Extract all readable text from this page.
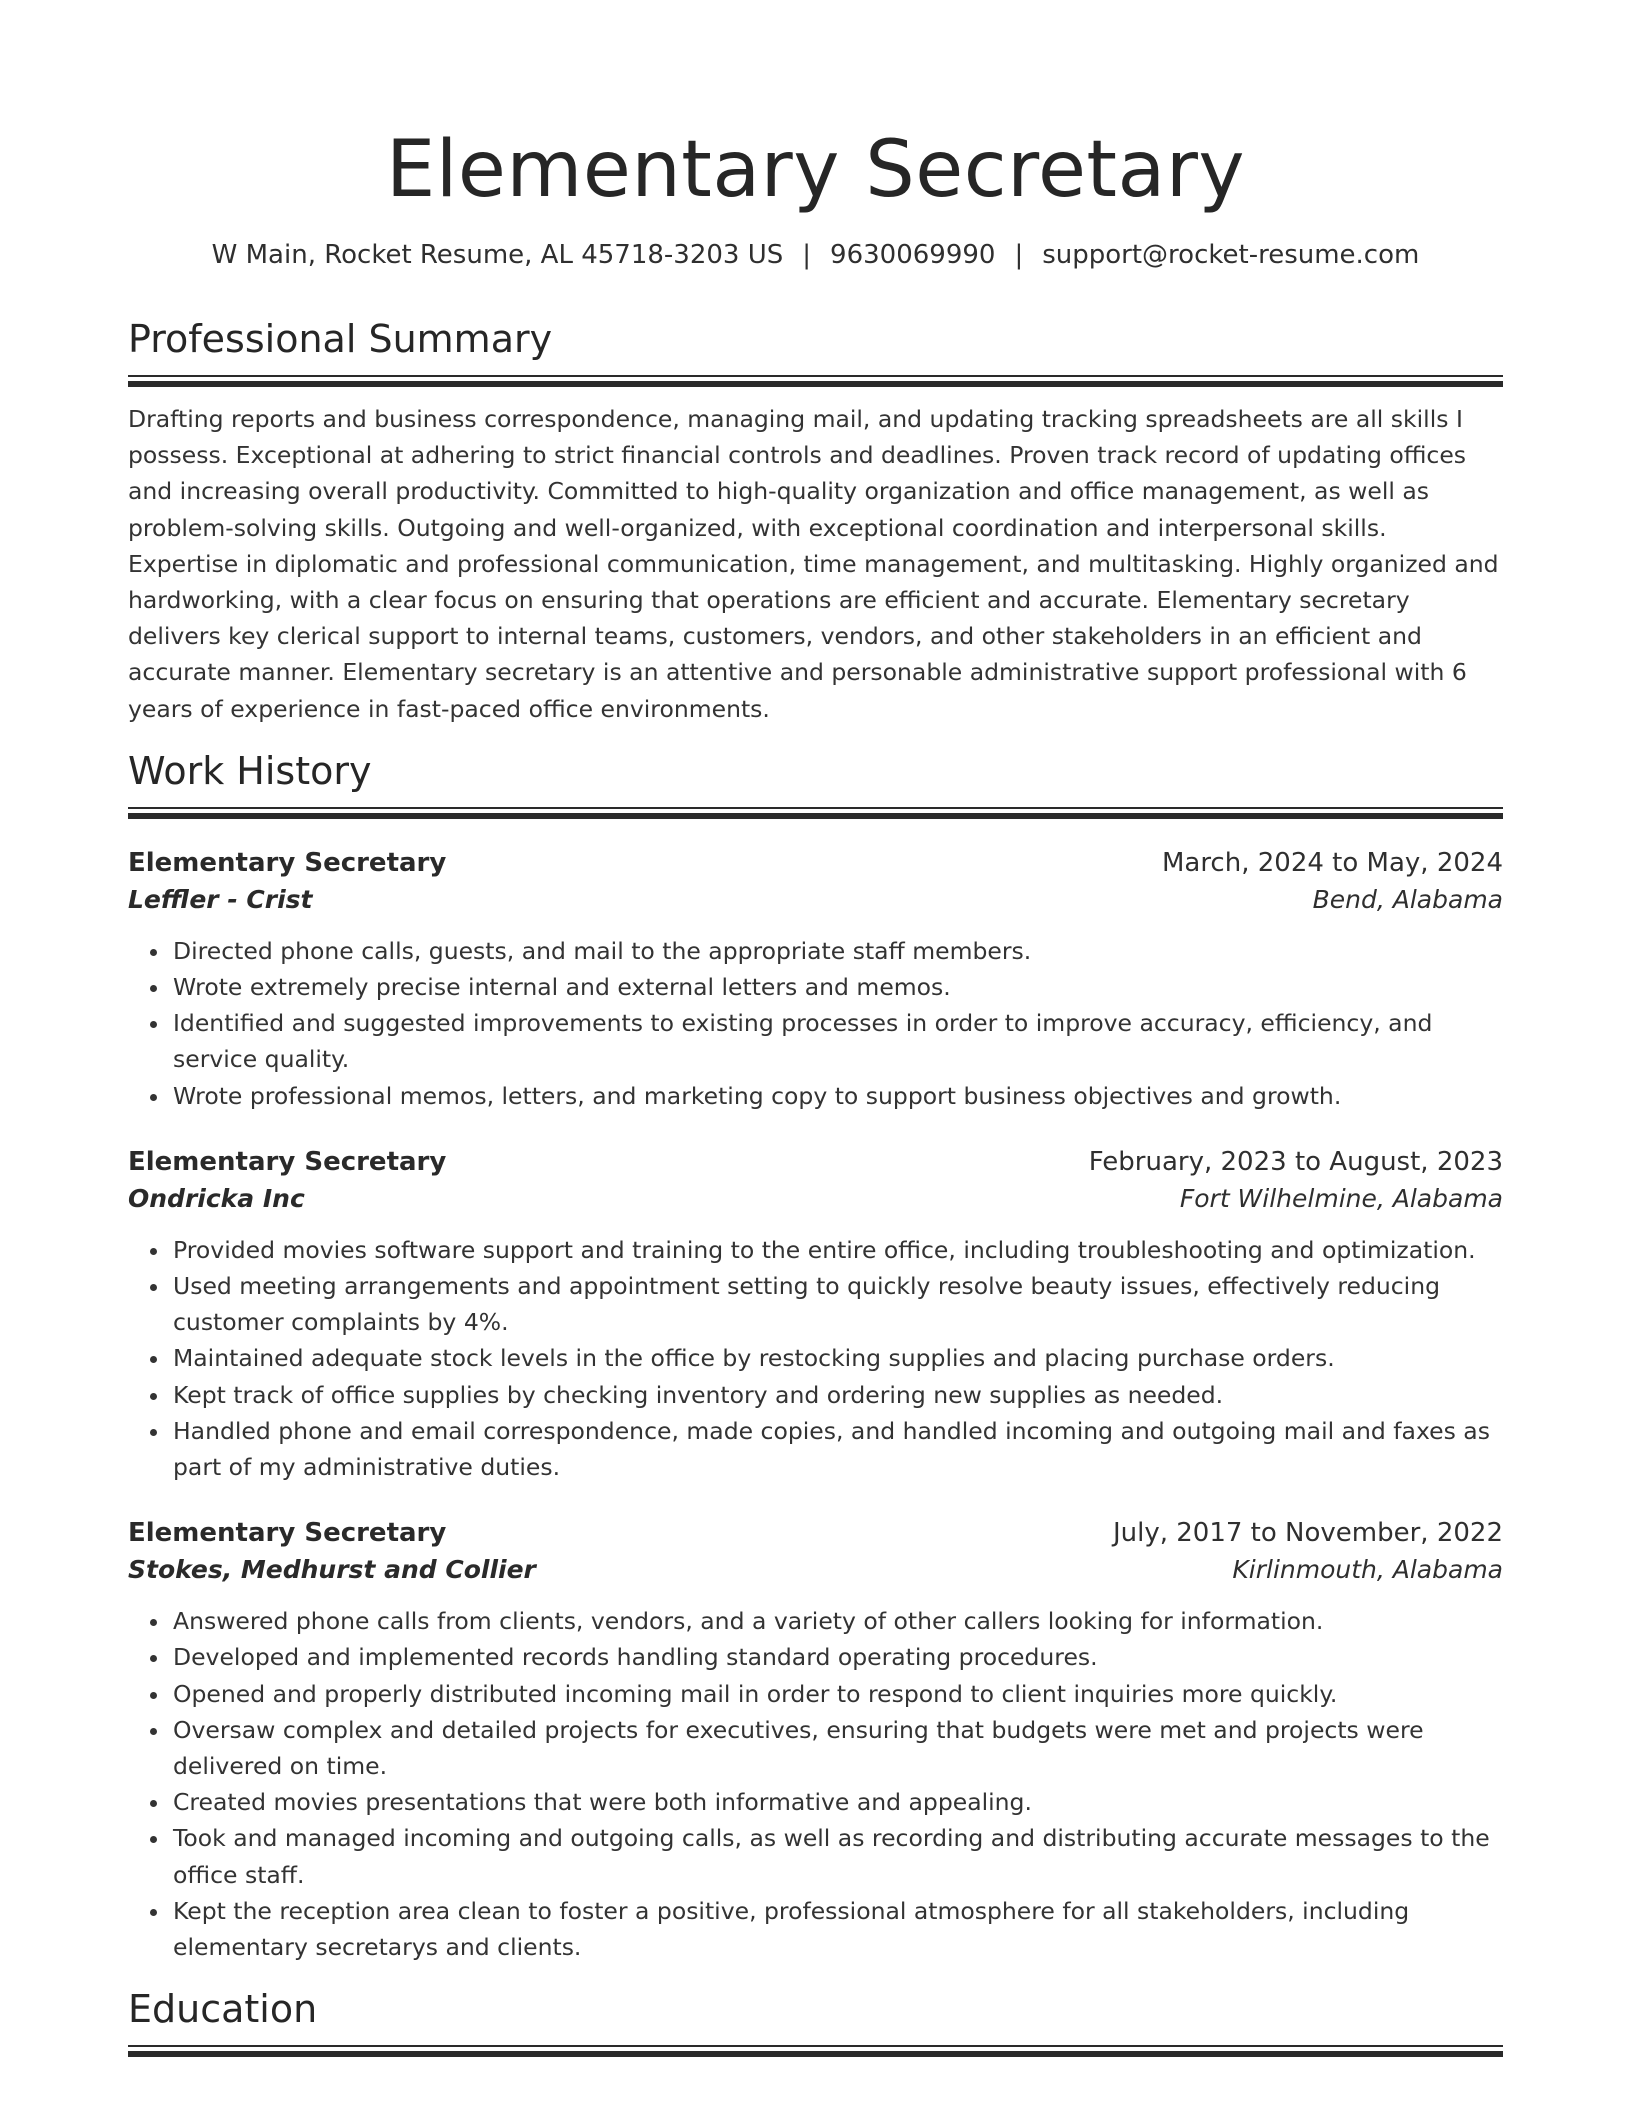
Elementary Secretary
W Main, Rocket Resume, AL 45718-3203 US | 9630069990 | support@rocket-resume.com
Professional Summary
Drafting reports and business correspondence, managing mail, and updating tracking spreadsheets are all skills I possess. Exceptional at adhering to strict financial controls and deadlines. Proven track record of updating offices and increasing overall productivity. Committed to high-quality organization and office management, as well as problem-solving skills. Outgoing and well-organized, with exceptional coordination and interpersonal skills. Expertise in diplomatic and professional communication, time management, and multitasking. Highly organized and hardworking, with a clear focus on ensuring that operations are efficient and accurate. Elementary secretary delivers key clerical support to internal teams, customers, vendors, and other stakeholders in an efficient and accurate manner. Elementary secretary is an attentive and personable administrative support professional with 6 years of experience in fast-paced office environments.
Work History
Elementary Secretary	March, 2024 to May, 2024
Leffler - Crist	Bend, Alabama
• Directed phone calls, guests, and mail to the appropriate staff members.
• Wrote extremely precise internal and external letters and memos.
• Identified and suggested improvements to existing processes in order to improve accuracy, efficiency, and service quality.
• Wrote professional memos, letters, and marketing copy to support business objectives and growth.
Elementary Secretary	February, 2023 to August, 2023
Ondricka Inc	Fort Wilhelmine, Alabama
• Provided movies software support and training to the entire office, including troubleshooting and optimization.
• Used meeting arrangements and appointment setting to quickly resolve beauty issues, effectively reducing customer complaints by 4%.
• Maintained adequate stock levels in the office by restocking supplies and placing purchase orders.
• Kept track of office supplies by checking inventory and ordering new supplies as needed.
• Handled phone and email correspondence, made copies, and handled incoming and outgoing mail and faxes as part of my administrative duties.
Elementary Secretary	July, 2017 to November, 2022
Stokes, Medhurst and Collier	Kirlinmouth, Alabama
• Answered phone calls from clients, vendors, and a variety of other callers looking for information.
• Developed and implemented records handling standard operating procedures.
• Opened and properly distributed incoming mail in order to respond to client inquiries more quickly.
• Oversaw complex and detailed projects for executives, ensuring that budgets were met and projects were delivered on time.
• Created movies presentations that were both informative and appealing.
• Took and managed incoming and outgoing calls, as well as recording and distributing accurate messages to the office staff.
• Kept the reception area clean to foster a positive, professional atmosphere for all stakeholders, including elementary secretarys and clients.
Education
